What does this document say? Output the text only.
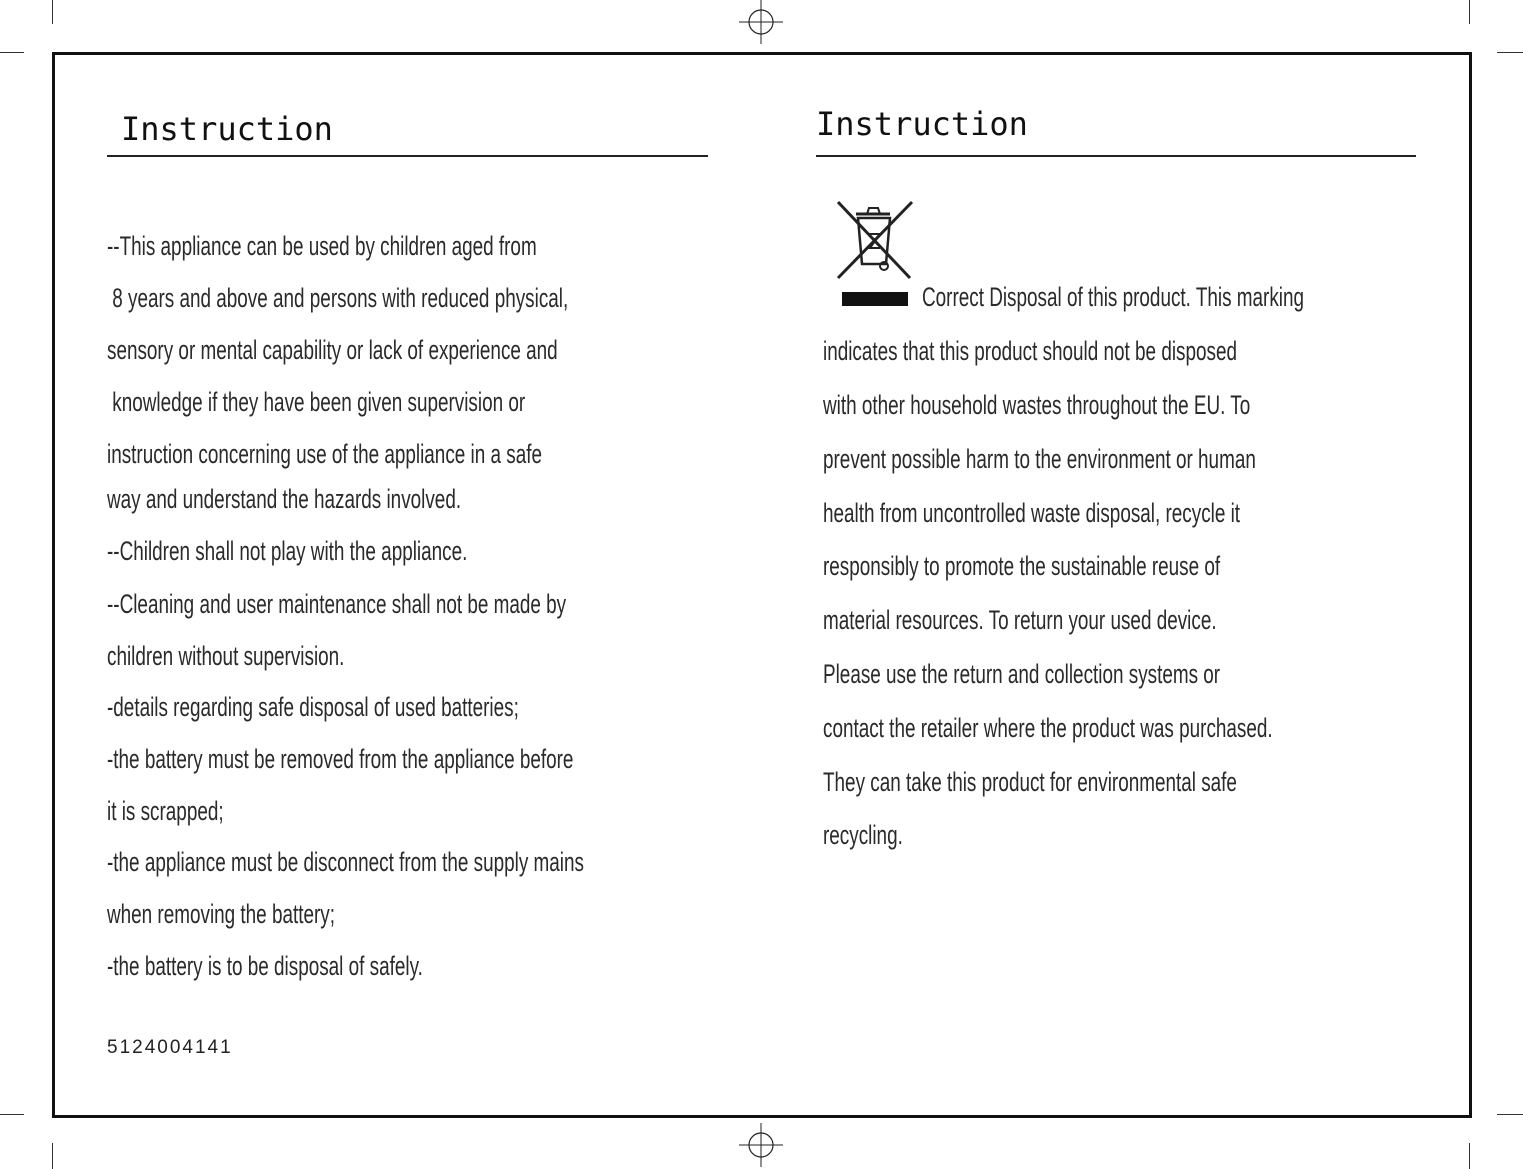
Instruction
--This appliance can be used by children aged from
8 years and above and persons with reduced physical,
sensory or mental capability or lack of experience and
knowledge if they have been given supervision or
instruction concerning use of the appliance in a safe
way and understand the hazards involved.
--Children shall not play with the appliance.
--Cleaning and user maintenance shall not be made by
children without supervision.
-details regarding safe disposal of used batteries;
-the battery must be removed from the appliance before
it is scrapped;
-the appliance must be disconnect from the supply mains
when removing the battery;
-the battery is to be disposal of safely.
5124004141
Instruction
Correct Disposal of this product. This marking
indicates that this product should not be disposed
with other household wastes throughout the EU. To
prevent possible harm to the environment or human
health from uncontrolled waste disposal, recycle it
responsibly to promote the sustainable reuse of
material resources. To return your used device.
Please use the return and collection systems or
contact the retailer where the product was purchased.
They can take this product for environmental safe
recycling.
